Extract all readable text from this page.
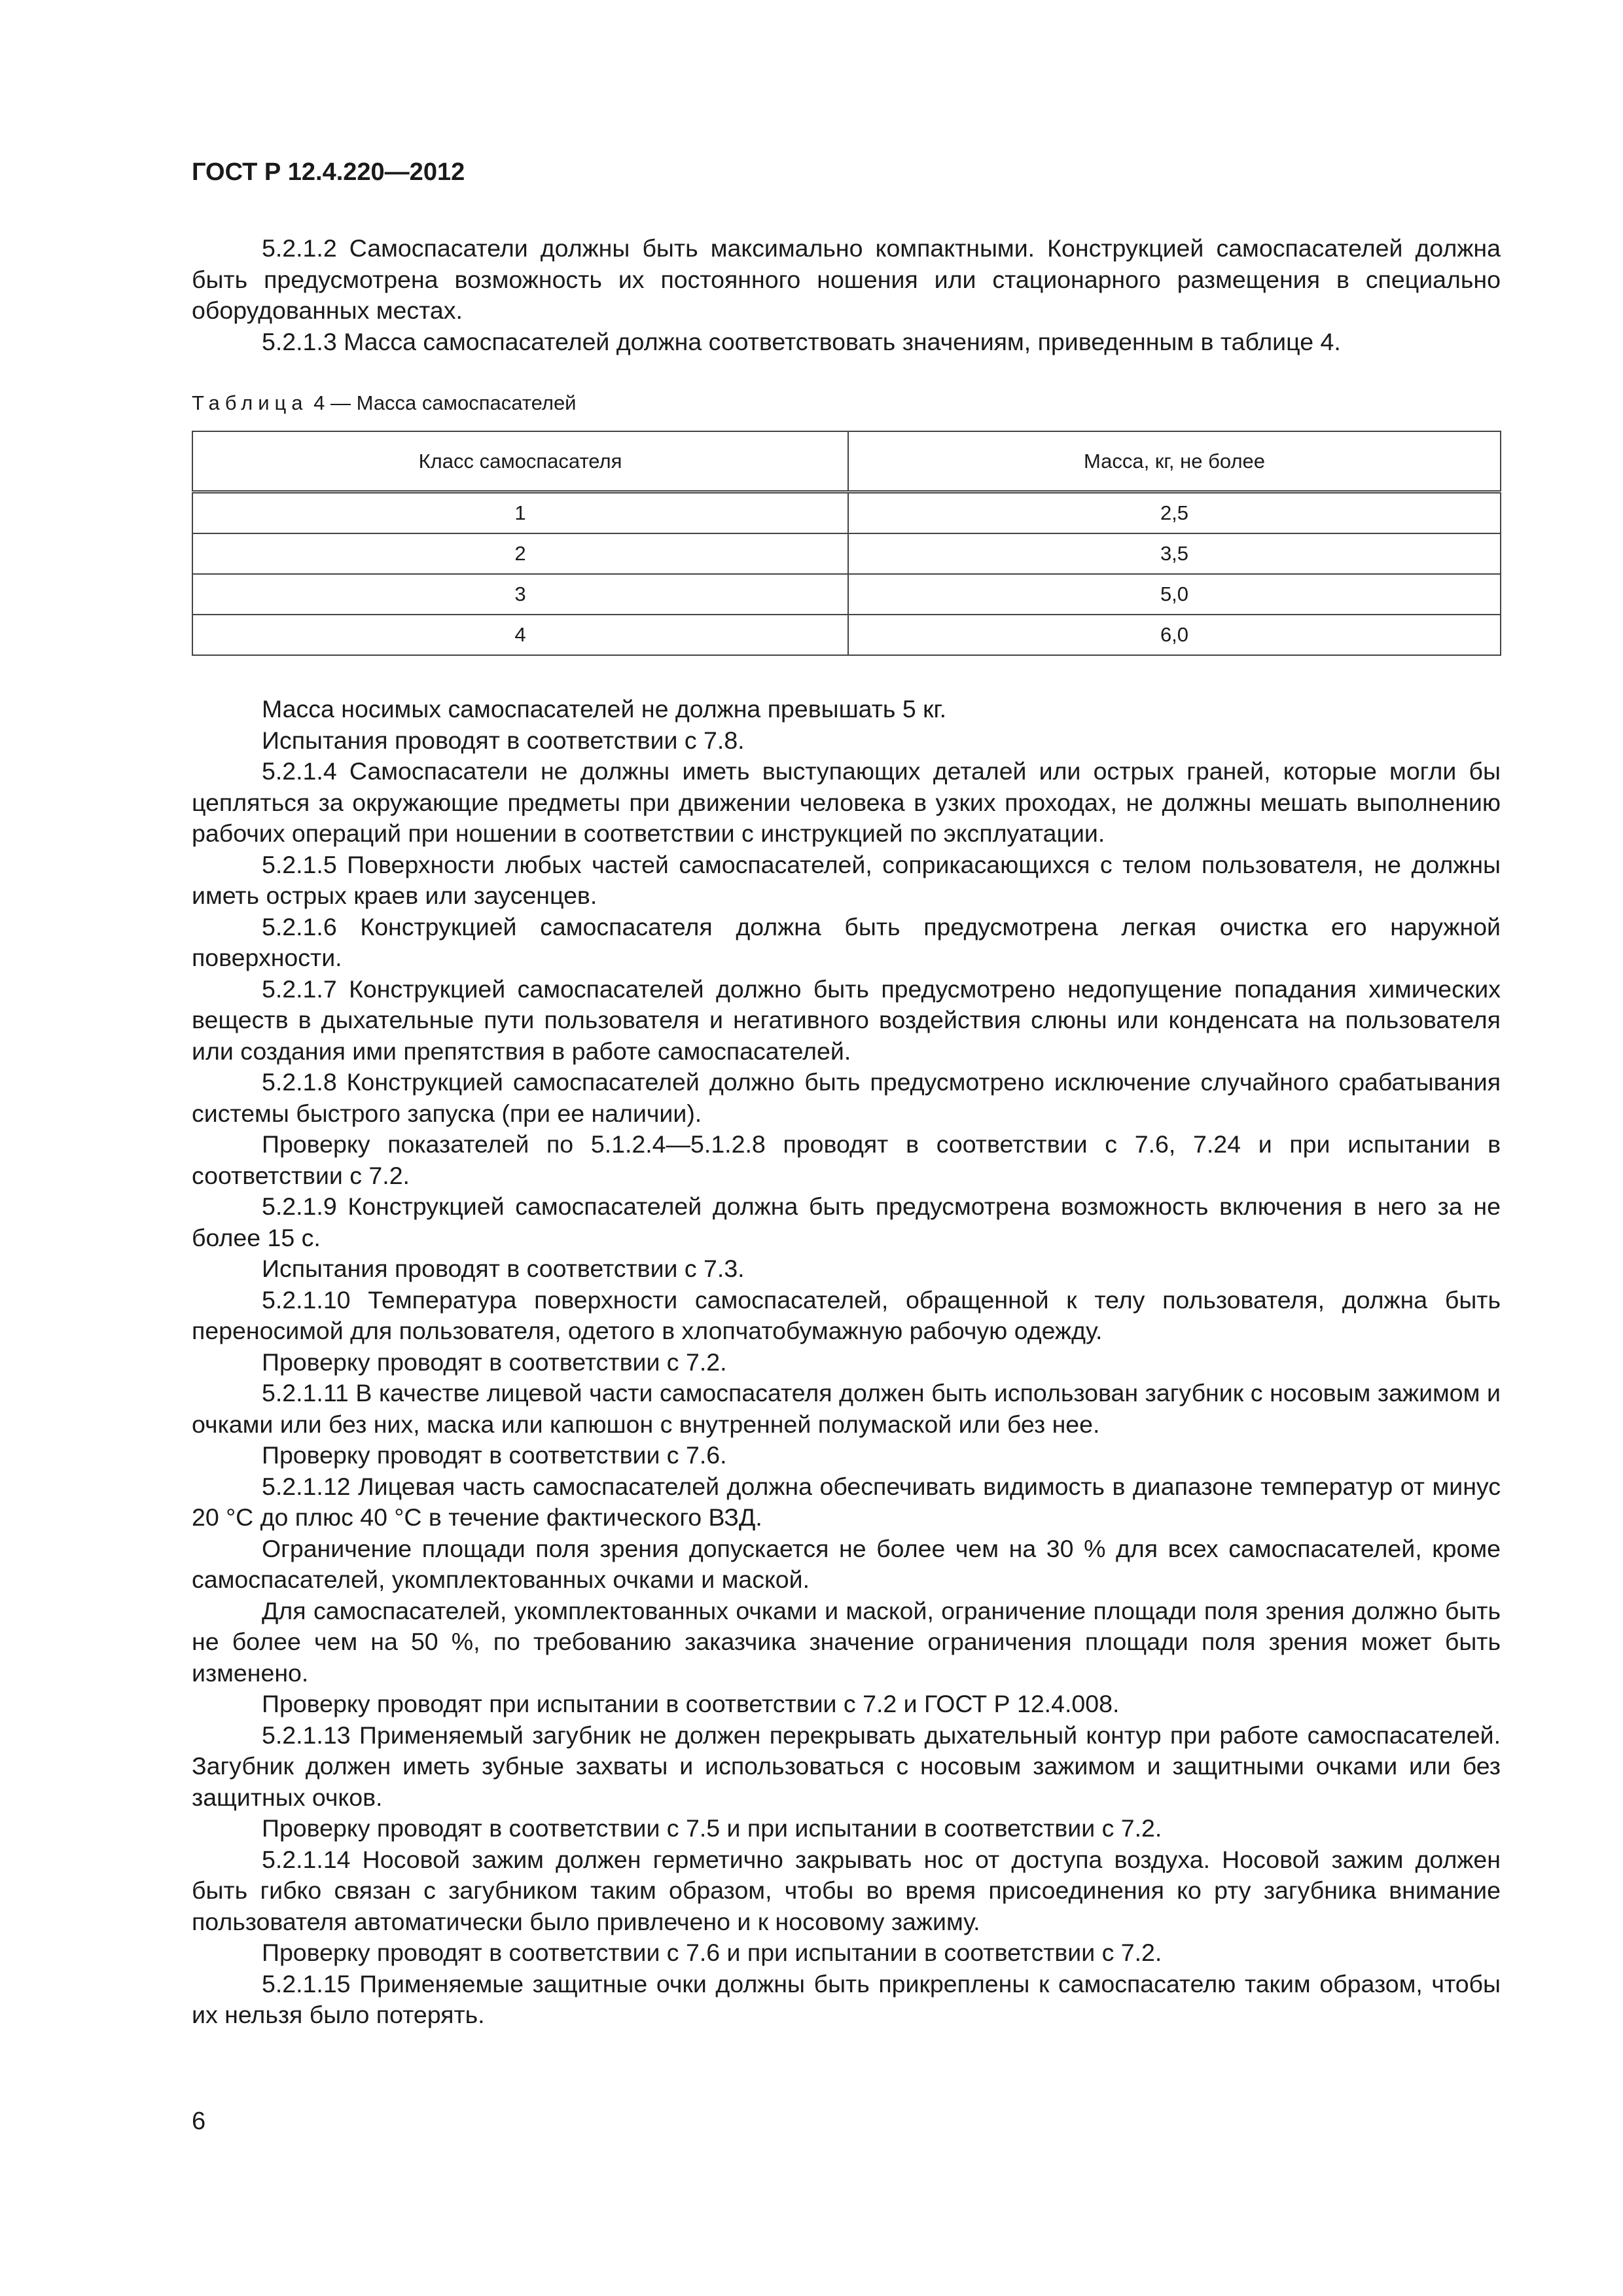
ГОСТ Р 12.4.220—2012

5.2.1.2 Самоспасатели должны быть максимально компактными. Конструкцией самоспасателей должна быть предусмотрена возможность их постоянного ношения или стационарного размещения в специально оборудованных местах.

5.2.1.3 Масса самоспасателей должна соответствовать значениям, приведенным в таблице 4.

Таблица 4 — Масса самоспасателей
Класс самоспасателя	Масса, кг, не более
1	2,5
2	3,5
3	5,0
4	6,0

Масса носимых самоспасателей не должна превышать 5 кг.

Испытания проводят в соответствии с 7.8.

5.2.1.4 Самоспасатели не должны иметь выступающих деталей или острых граней, которые могли бы цепляться за окружающие предметы при движении человека в узких проходах, не должны мешать выполнению рабочих операций при ношении в соответствии с инструкцией по эксплуатации.

5.2.1.5 Поверхности любых частей самоспасателей, соприкасающихся с телом пользователя, не должны иметь острых краев или заусенцев.

5.2.1.6 Конструкцией самоспасателя должна быть предусмотрена легкая очистка его наружной поверхности.

5.2.1.7 Конструкцией самоспасателей должно быть предусмотрено недопущение попадания химических веществ в дыхательные пути пользователя и негативного воздействия слюны или конденсата на пользователя или создания ими препятствия в работе самоспасателей.

5.2.1.8 Конструкцией самоспасателей должно быть предусмотрено исключение случайного срабатывания системы быстрого запуска (при ее наличии).

Проверку показателей по 5.1.2.4—5.1.2.8 проводят в соответствии с 7.6, 7.24 и при испытании в соответствии с 7.2.

5.2.1.9 Конструкцией самоспасателей должна быть предусмотрена возможность включения в него за не более 15 с.

Испытания проводят в соответствии с 7.3.

5.2.1.10 Температура поверхности самоспасателей, обращенной к телу пользователя, должна быть переносимой для пользователя, одетого в хлопчатобумажную рабочую одежду.

Проверку проводят в соответствии с 7.2.

5.2.1.11 В качестве лицевой части самоспасателя должен быть использован загубник с носовым зажимом и очками или без них, маска или капюшон с внутренней полумаской или без нее.

Проверку проводят в соответствии с 7.6.

5.2.1.12 Лицевая часть самоспасателей должна обеспечивать видимость в диапазоне температур от минус 20 °С до плюс 40 °С в течение фактического ВЗД.

Ограничение площади поля зрения допускается не более чем на 30 % для всех самоспасателей, кроме самоспасателей, укомплектованных очками и маской.

Для самоспасателей, укомплектованных очками и маской, ограничение площади поля зрения должно быть не более чем на 50 %, по требованию заказчика значение ограничения площади поля зрения может быть изменено.

Проверку проводят при испытании в соответствии с 7.2 и ГОСТ Р 12.4.008.

5.2.1.13 Применяемый загубник не должен перекрывать дыхательный контур при работе самоспасателей. Загубник должен иметь зубные захваты и использоваться с носовым зажимом и защитными очками или без защитных очков.

Проверку проводят в соответствии с 7.5 и при испытании в соответствии с 7.2.

5.2.1.14 Носовой зажим должен герметично закрывать нос от доступа воздуха. Носовой зажим должен быть гибко связан с загубником таким образом, чтобы во время присоединения ко рту загубника внимание пользователя автоматически было привлечено и к носовому зажиму.

Проверку проводят в соответствии с 7.6 и при испытании в соответствии с 7.2.

5.2.1.15 Применяемые защитные очки должны быть прикреплены к самоспасателю таким образом, чтобы их нельзя было потерять.

6
